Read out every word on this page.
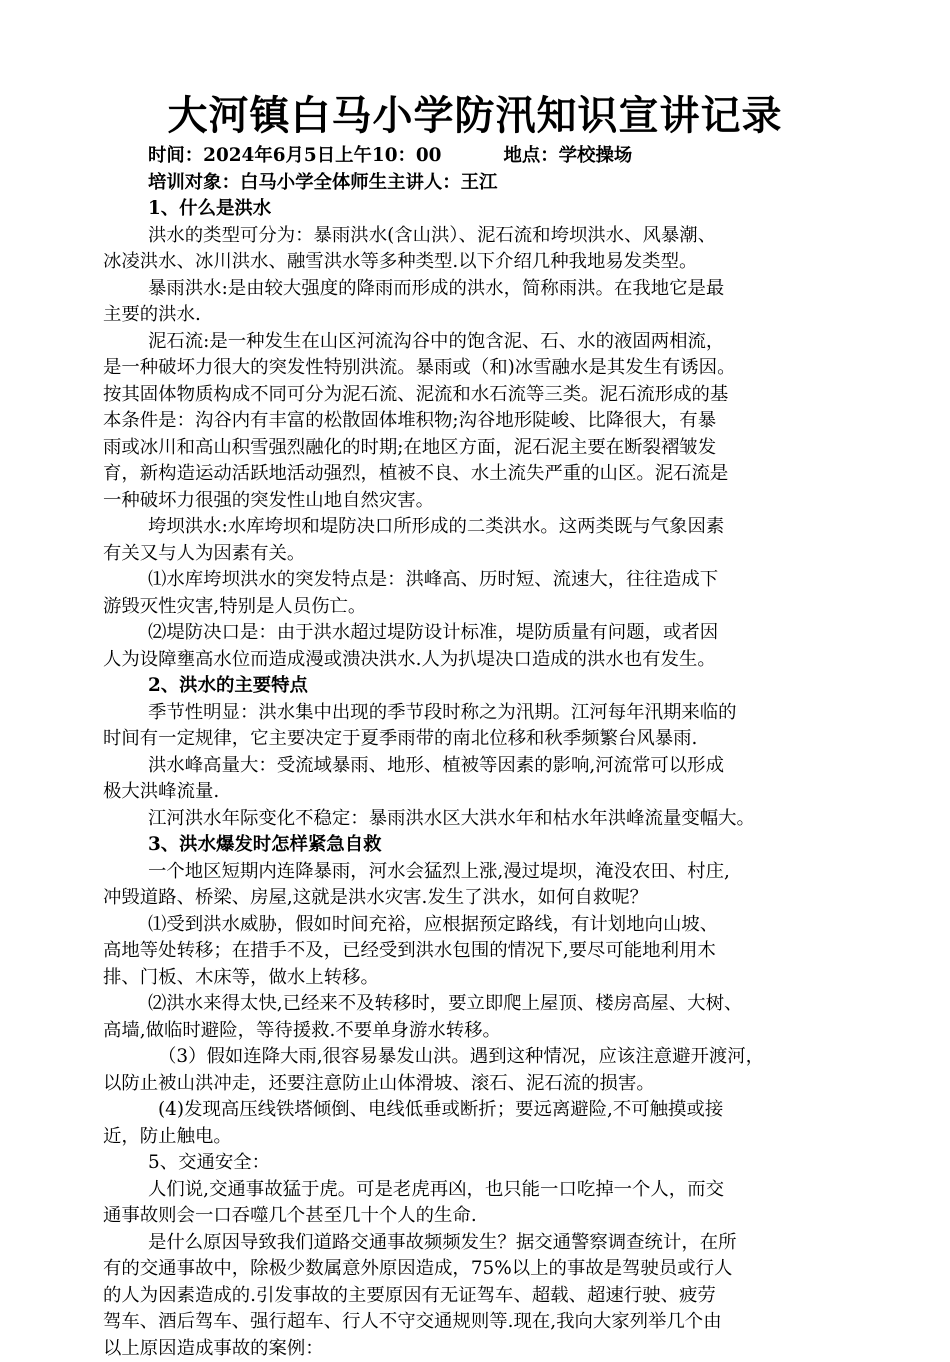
大河镇白马小学防汛知识宣讲记录
时间：2024年6月5日上午10：00	地点：学校操场
培训对象：白马小学全体师生主讲人：王江
1、什么是洪水
洪水的类型可分为：暴雨洪水(含山洪）、泥石流和垮坝洪水、风暴潮、
冰凌洪水、冰川洪水、融雪洪水等多种类型.以下介绍几种我地易发类型。
暴雨洪水:是由较大强度的降雨而形成的洪水，简称雨洪。在我地它是最
主要的洪水.
泥石流:是一种发生在山区河流沟谷中的饱含泥、石、水的液固两相流，
是一种破坏力很大的突发性特别洪流。暴雨或（和)冰雪融水是其发生有诱因。
按其固体物质构成不同可分为泥石流、泥流和水石流等三类。泥石流形成的基
本条件是：沟谷内有丰富的松散固体堆积物;沟谷地形陡峻、比降很大，有暴
雨或冰川和高山积雪强烈融化的时期;在地区方面，泥石泥主要在断裂褶皱发
育，新构造运动活跃地活动强烈，植被不良、水土流失严重的山区。泥石流是
一种破坏力很强的突发性山地自然灾害。
垮坝洪水:水库垮坝和堤防决口所形成的二类洪水。这两类既与气象因素
有关又与人为因素有关。
⑴水库垮坝洪水的突发特点是：洪峰高、历时短、流速大，往往造成下
游毁灭性灾害,特别是人员伤亡。
⑵堤防决口是：由于洪水超过堤防设计标准，堤防质量有问题，或者因
人为设障壅高水位而造成漫或溃决洪水.人为扒堤决口造成的洪水也有发生。
2、洪水的主要特点
季节性明显：洪水集中出现的季节段时称之为汛期。江河每年汛期来临的
时间有一定规律，它主要决定于夏季雨带的南北位移和秋季频繁台风暴雨.
洪水峰高量大：受流域暴雨、地形、植被等因素的影响,河流常可以形成
极大洪峰流量.
江河洪水年际变化不稳定：暴雨洪水区大洪水年和枯水年洪峰流量变幅大。
3、洪水爆发时怎样紧急自救
一个地区短期内连降暴雨，河水会猛烈上涨,漫过堤坝，淹没农田、村庄,
冲毁道路、桥梁、房屋,这就是洪水灾害.发生了洪水，如何自救呢？
⑴受到洪水威胁，假如时间充裕，应根据预定路线，有计划地向山坡、
高地等处转移；在措手不及，已经受到洪水包围的情况下,要尽可能地利用木
排、门板、木床等，做水上转移。
⑵洪水来得太快,已经来不及转移时，要立即爬上屋顶、楼房高屋、大树、
高墙,做临时避险，等待援救.不要单身游水转移。
（3）假如连降大雨,很容易暴发山洪。遇到这种情况，应该注意避开渡河，
以防止被山洪冲走，还要注意防止山体滑坡、滚石、泥石流的损害。
(4)发现高压线铁塔倾倒、电线低垂或断折；要远离避险,不可触摸或接
近，防止触电。
5、交通安全：
人们说,交通事故猛于虎。可是老虎再凶，也只能一口吃掉一个人，而交
通事故则会一口吞噬几个甚至几十个人的生命.
是什么原因导致我们道路交通事故频频发生？据交通警察调查统计，在所
有的交通事故中，除极少数属意外原因造成，75%以上的事故是驾驶员或行人
的人为因素造成的.引发事故的主要原因有无证驾车、超载、超速行驶、疲劳
驾车、酒后驾车、强行超车、行人不守交通规则等.现在,我向大家列举几个由
以上原因造成事故的案例：
